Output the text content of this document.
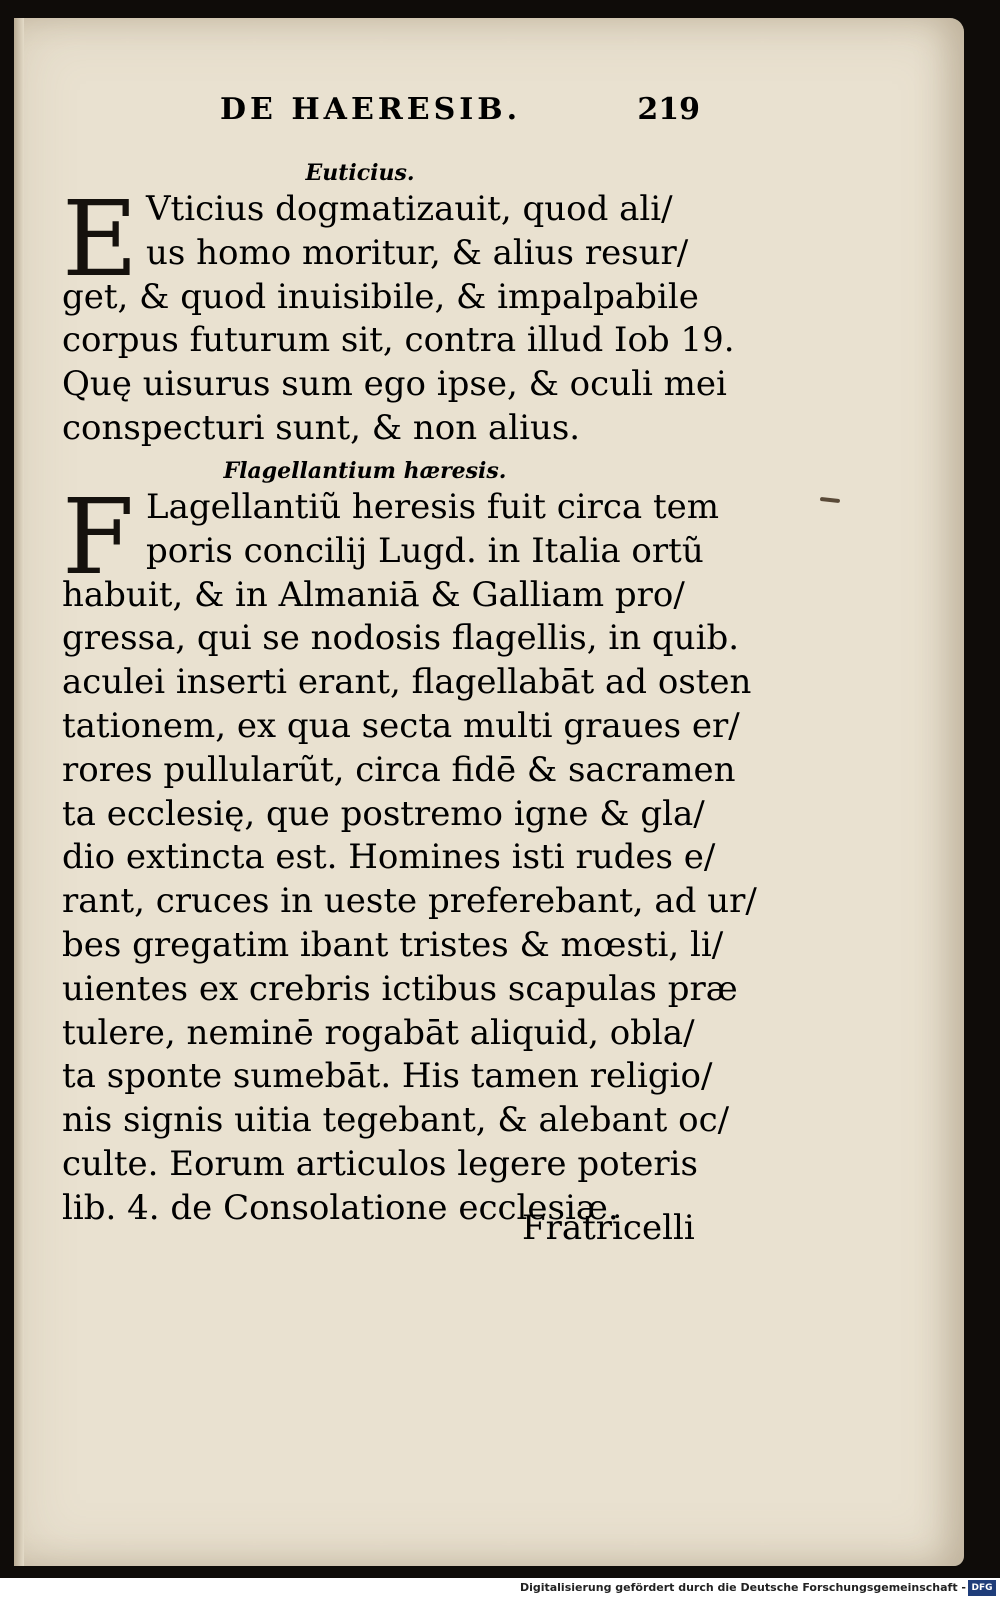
DE HAERESIB.	219
Euticius.
E Vticius dogmatizauit, quod ali/
us homo moritur, & alius resur/
get, & quod inuisibile, & impalpabile
corpus futurum sit, contra illud Iob 19.
Quę uisurus sum ego ipse, & oculi mei
conspecturi sunt, & non alius.
Flagellantium hæresis.
F Lagellantiũ heresis fuit circa tem
poris concilij Lugd. in Italia ortũ
habuit, & in Almaniā & Galliam pro/
gressa, qui se nodosis flagellis, in quib.
aculei inserti erant, flagellabāt ad osten
tationem, ex qua secta multi graues er/
rores pullularũt, circa fidē & sacramen
ta ecclesię, que postremo igne & gla/
dio extincta est. Homines isti rudes e/
rant, cruces in ueste preferebant, ad ur/
bes gregatim ibant tristes & mœsti, li/
uientes ex crebris ictibus scapulas præ
tulere, neminē rogabāt aliquid, obla/
ta sponte sumebāt. His tamen religio/
nis signis uitia tegebant, & alebant oc/
culte. Eorum articulos legere poteris
lib. 4. de Consolatione ecclesiæ.
Fratricelli
Digitalisierung gefördert durch die Deutsche Forschungsgemeinschaft - DFG
